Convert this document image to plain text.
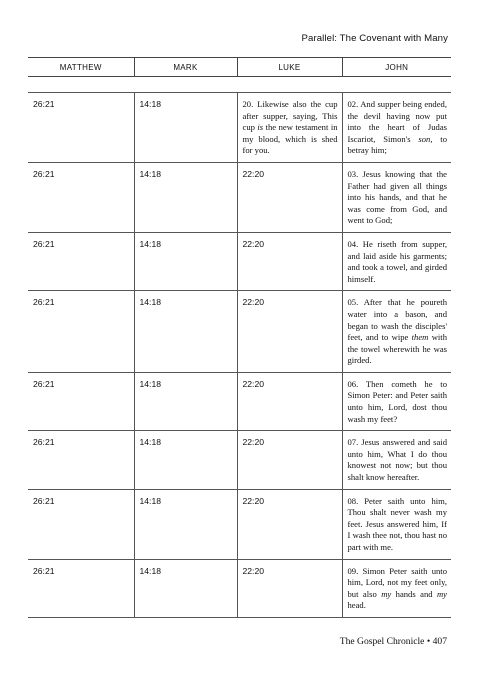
Parallel: The Covenant with Many
MATTHEW	MARK	LUKE	JOHN

26:21	14:18	20. Likewise also the cup after supper, saying, This cup is the new testament in my blood, which is shed for you.	02. And supper being ended, the devil having now put into the heart of Judas Iscariot, Simon's son, to betray him;
26:21	14:18	22:20	03. Jesus knowing that the Father had given all things into his hands, and that he was come from God, and went to God;
26:21	14:18	22:20	04. He riseth from supper, and laid aside his garments; and took a towel, and girded himself.
26:21	14:18	22:20	05. After that he poureth water into a bason, and began to wash the disciples' feet, and to wipe them with the towel wherewith he was girded.
26:21	14:18	22:20	06. Then cometh he to Simon Peter: and Peter saith unto him, Lord, dost thou wash my feet?
26:21	14:18	22:20	07. Jesus answered and said unto him, What I do thou knowest not now; but thou shalt know hereafter.
26:21	14:18	22:20	08. Peter saith unto him, Thou shalt never wash my feet. Jesus answered him, If I wash thee not, thou hast no part with me.
26:21	14:18	22:20	09. Simon Peter saith unto him, Lord, not my feet only, but also my hands and my head.
The Gospel Chronicle • 407
